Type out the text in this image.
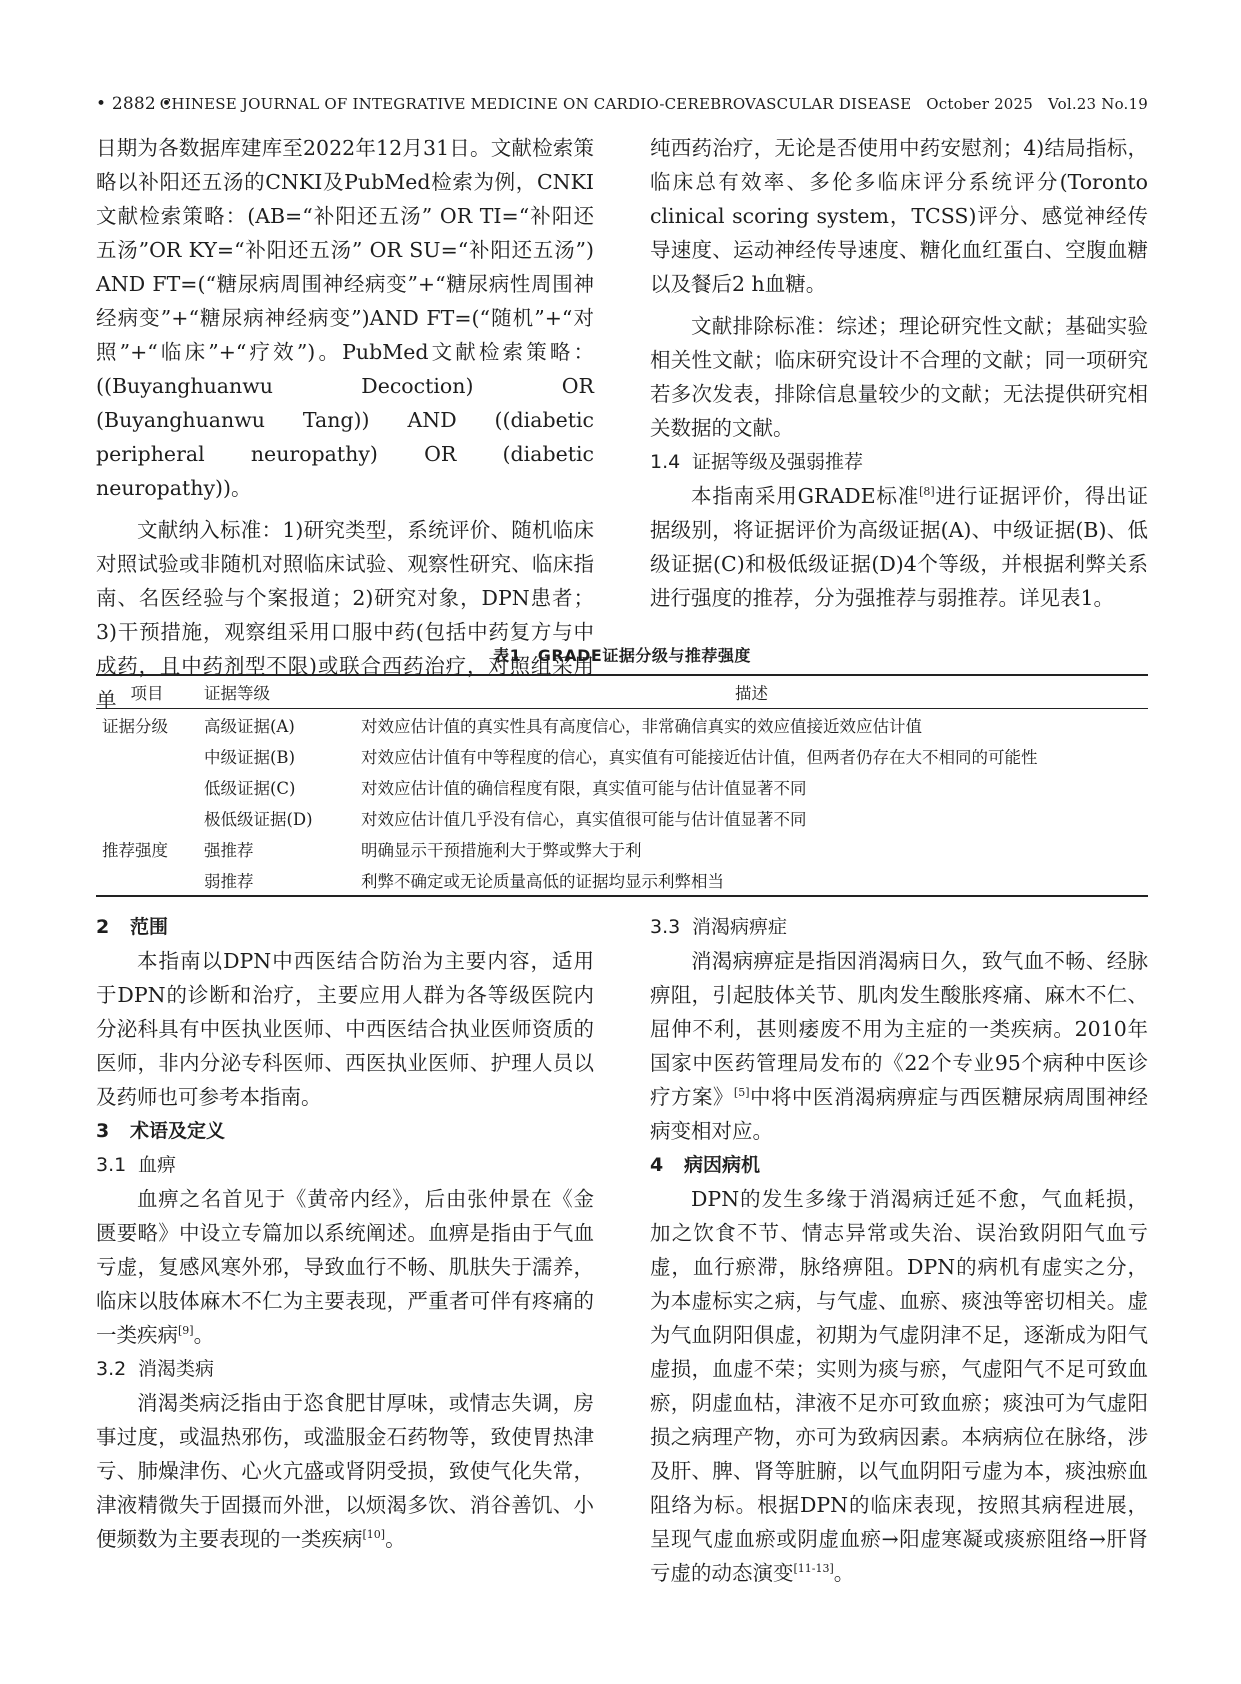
• 2882 •
CHINESE JOURNAL OF INTEGRATIVE MEDICINE ON CARDIO-CEREBROVASCULAR DISEASE   October 2025   Vol.23 No.19

日期为各数据库建库至2022年12月31日。文献检索策略以补阳还五汤的CNKI及PubMed检索为例，CNKI文献检索策略：(AB=“补阳还五汤” OR TI=“补阳还五汤”OR KY=“补阳还五汤” OR SU=“补阳还五汤”) AND FT=(“糖尿病周围神经病变”+“糖尿病性周围神经病变”+“糖尿病神经病变”)AND FT=(“随机”+“对照”+“临床”+“疗效”)。PubMed文献检索策略：((Buyanghuanwu Decoction) OR (Buyanghuanwu Tang)) AND ((diabetic peripheral neuropathy) OR (diabetic neuropathy))。

文献纳入标准：1)研究类型，系统评价、随机临床对照试验或非随机对照临床试验、观察性研究、临床指南、名医经验与个案报道；2)研究对象，DPN患者；3)干预措施，观察组采用口服中药(包括中药复方与中成药，且中药剂型不限)或联合西药治疗，对照组采用单

纯西药治疗，无论是否使用中药安慰剂；4)结局指标，临床总有效率、多伦多临床评分系统评分(Toronto clinical scoring system，TCSS)评分、感觉神经传导速度、运动神经传导速度、糖化血红蛋白、空腹血糖以及餐后2 h血糖。

文献排除标准：综述；理论研究性文献；基础实验相关性文献；临床研究设计不合理的文献；同一项研究若多次发表，排除信息量较少的文献；无法提供研究相关数据的文献。

1.4 证据等级及强弱推荐

本指南采用GRADE标准[8]进行证据评价，得出证据级别，将证据评价为高级证据(A)、中级证据(B)、低级证据(C)和极低级证据(D)4个等级，并根据利弊关系进行强度的推荐，分为强推荐与弱推荐。详见表1。

表1　GRADE证据分级与推荐强度
项目	证据等级	描述
证据分级	高级证据(A)	对效应估计值的真实性具有高度信心，非常确信真实的效应值接近效应估计值
	中级证据(B)	对效应估计值有中等程度的信心，真实值有可能接近估计值，但两者仍存在大不相同的可能性
	低级证据(C)	对效应估计值的确信程度有限，真实值可能与估计值显著不同
	极低级证据(D)	对效应估计值几乎没有信心，真实值很可能与估计值显著不同
推荐强度	强推荐	明确显示干预措施利大于弊或弊大于利
	弱推荐	利弊不确定或无论质量高低的证据均显示利弊相当
2 范围

本指南以DPN中西医结合防治为主要内容，适用于DPN的诊断和治疗，主要应用人群为各等级医院内分泌科具有中医执业医师、中西医结合执业医师资质的医师，非内分泌专科医师、西医执业医师、护理人员以及药师也可参考本指南。

3 术语及定义
3.1 血痹

血痹之名首见于《黄帝内经》，后由张仲景在《金匮要略》中设立专篇加以系统阐述。血痹是指由于气血亏虚，复感风寒外邪，导致血行不畅、肌肤失于濡养，临床以肢体麻木不仁为主要表现，严重者可伴有疼痛的一类疾病[9]。

3.2 消渴类病

消渴类病泛指由于恣食肥甘厚味，或情志失调，房事过度，或温热邪伤，或滥服金石药物等，致使胃热津亏、肺燥津伤、心火亢盛或肾阴受损，致使气化失常，津液精微失于固摄而外泄，以烦渴多饮、消谷善饥、小便频数为主要表现的一类疾病[10]。

3.3 消渴病痹症

消渴病痹症是指因消渴病日久，致气血不畅、经脉痹阻，引起肢体关节、肌肉发生酸胀疼痛、麻木不仁、屈伸不利，甚则痿废不用为主症的一类疾病。2010年国家中医药管理局发布的《22个专业95个病种中医诊疗方案》[5]中将中医消渴病痹症与西医糖尿病周围神经病变相对应。

4 病因病机

DPN的发生多缘于消渴病迁延不愈，气血耗损，加之饮食不节、情志异常或失治、误治致阴阳气血亏虚，血行瘀滞，脉络痹阻。DPN的病机有虚实之分，为本虚标实之病，与气虚、血瘀、痰浊等密切相关。虚为气血阴阳俱虚，初期为气虚阴津不足，逐渐成为阳气虚损，血虚不荣；实则为痰与瘀，气虚阳气不足可致血瘀，阴虚血枯，津液不足亦可致血瘀；痰浊可为气虚阳损之病理产物，亦可为致病因素。本病病位在脉络，涉及肝、脾、肾等脏腑，以气血阴阳亏虚为本，痰浊瘀血阻络为标。根据DPN的临床表现，按照其病程进展，呈现气虚血瘀或阴虚血瘀→阳虚寒凝或痰瘀阻络→肝肾亏虚的动态演变[11-13]。
